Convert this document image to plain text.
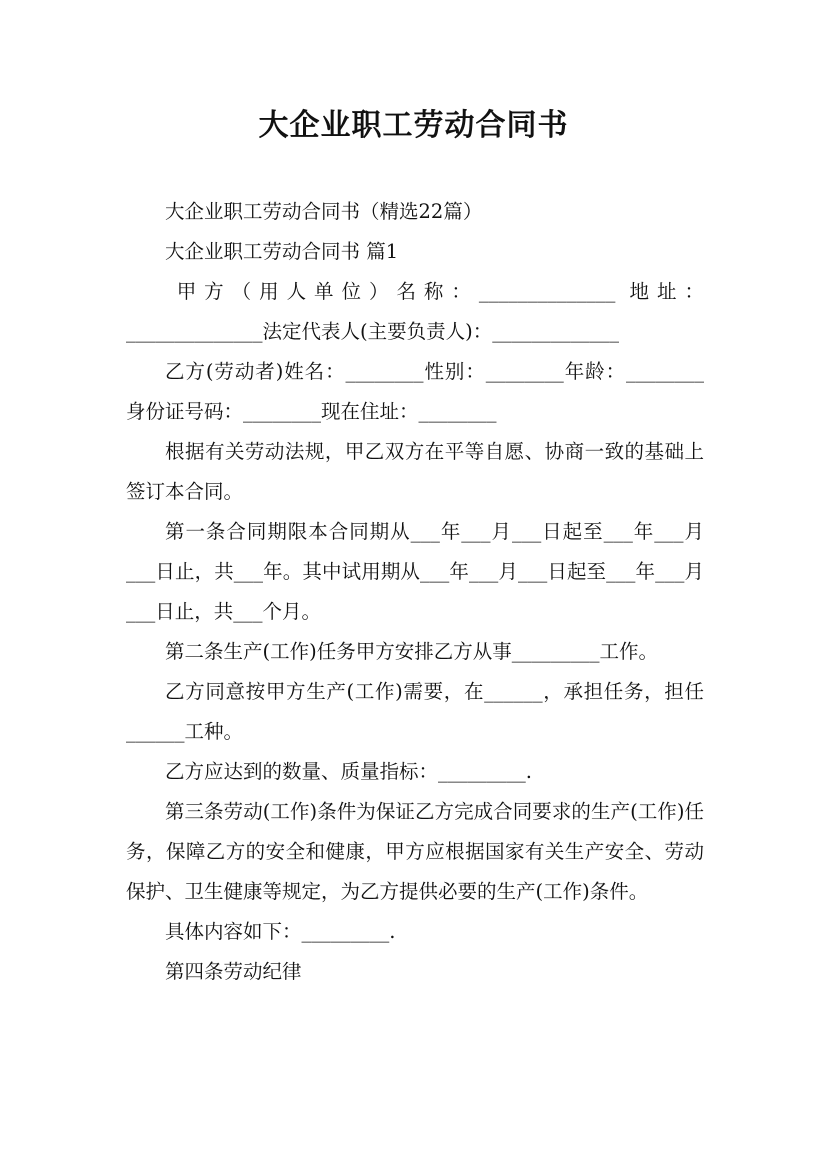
大企业职工劳动合同书

大企业职工劳动合同书（精选22篇）

大企业职工劳动合同书 篇1

甲方（用人单位）名称：______________ 地址：______________法定代表人(主要负责人)：_____________

乙方(劳动者)姓名：________性别：________年龄：________身份证号码：________现在住址：________

根据有关劳动法规，甲乙双方在平等自愿、协商一致的基础上签订本合同。

第一条合同期限本合同期从___年___月___日起至___年___月___日止，共___年。其中试用期从___年___月___日起至___年___月___日止，共___个月。

第二条生产(工作)任务甲方安排乙方从事_________工作。

乙方同意按甲方生产(工作)需要，在______，承担任务，担任______工种。

乙方应达到的数量、质量指标：_________.

第三条劳动(工作)条件为保证乙方完成合同要求的生产(工作)任务，保障乙方的安全和健康，甲方应根据国家有关生产安全、劳动保护、卫生健康等规定，为乙方提供必要的生产(工作)条件。

具体内容如下：_________.

第四条劳动纪律
